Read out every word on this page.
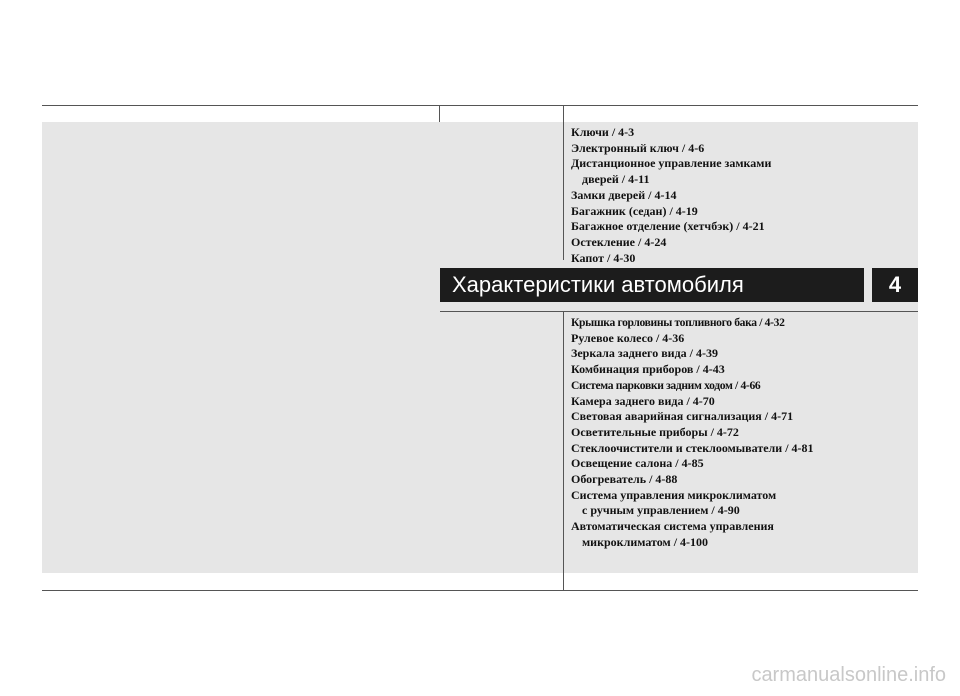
Ключи / 4-3
Электронный ключ / 4-6
Дистанционное управление замками
дверей / 4-11
Замки дверей / 4-14
Багажник (седан) / 4-19
Багажное отделение (хетчбэк) / 4-21
Остекление / 4-24
Капот / 4-30
Характеристики автомобиля	4
Крышка горловины топливного бака / 4-32
Рулевое колесо / 4-36
Зеркала заднего вида / 4-39
Комбинация приборов / 4-43
Система парковки задним ходом / 4-66
Камера заднего вида / 4-70
Световая аварийная сигнализация / 4-71
Осветительные приборы / 4-72
Стеклоочистители и стеклоомыватели / 4-81
Освещение салона / 4-85
Обогреватель / 4-88
Система управления микроклиматом
с ручным управлением / 4-90
Автоматическая система управления
микроклиматом / 4-100
carmanualsonline.info
